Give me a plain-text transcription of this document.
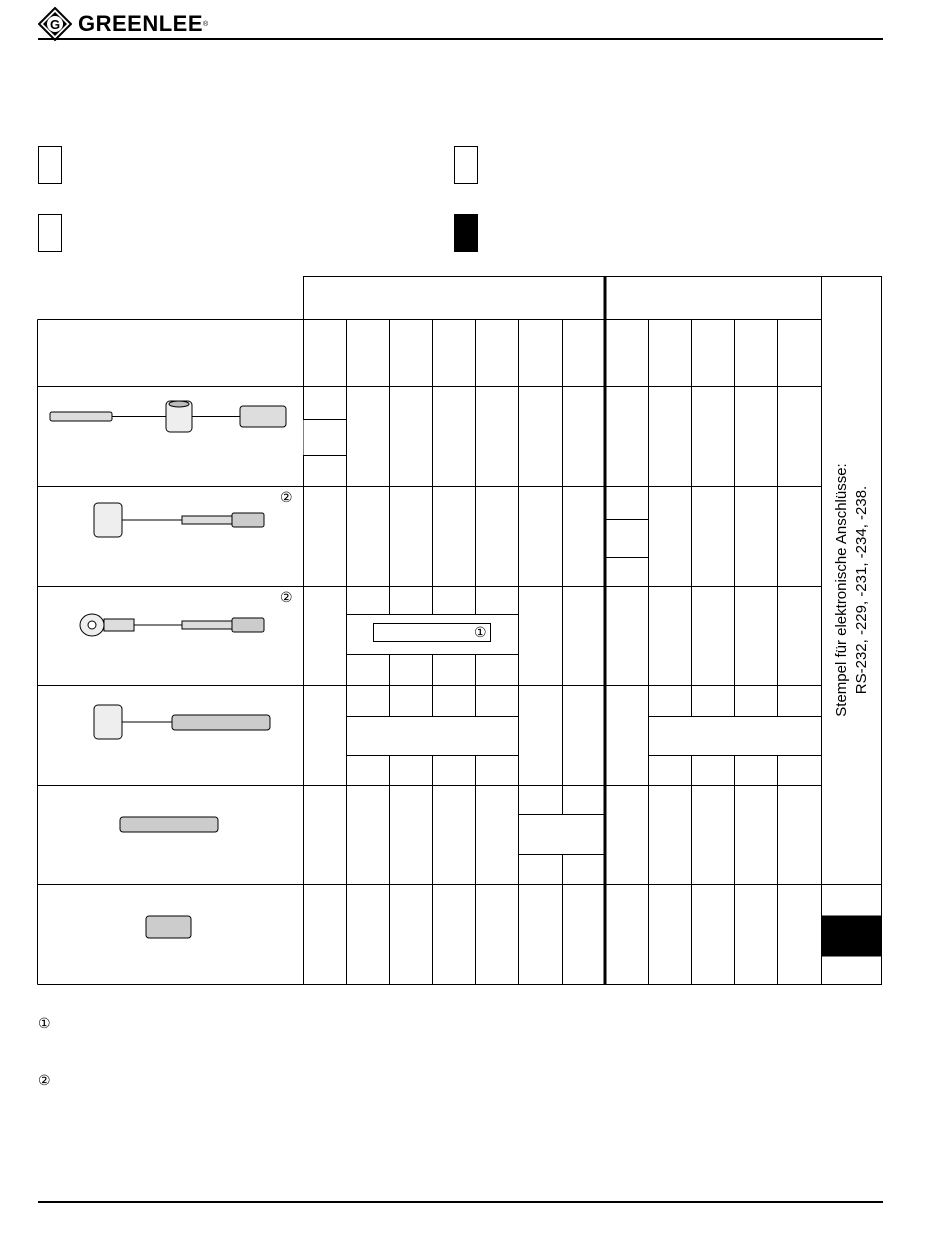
G GREENLEE ®
②
②
①	Stempel für elektronische Anschlüsse: RS-232, -229, -231, -234, -238.
①
②
